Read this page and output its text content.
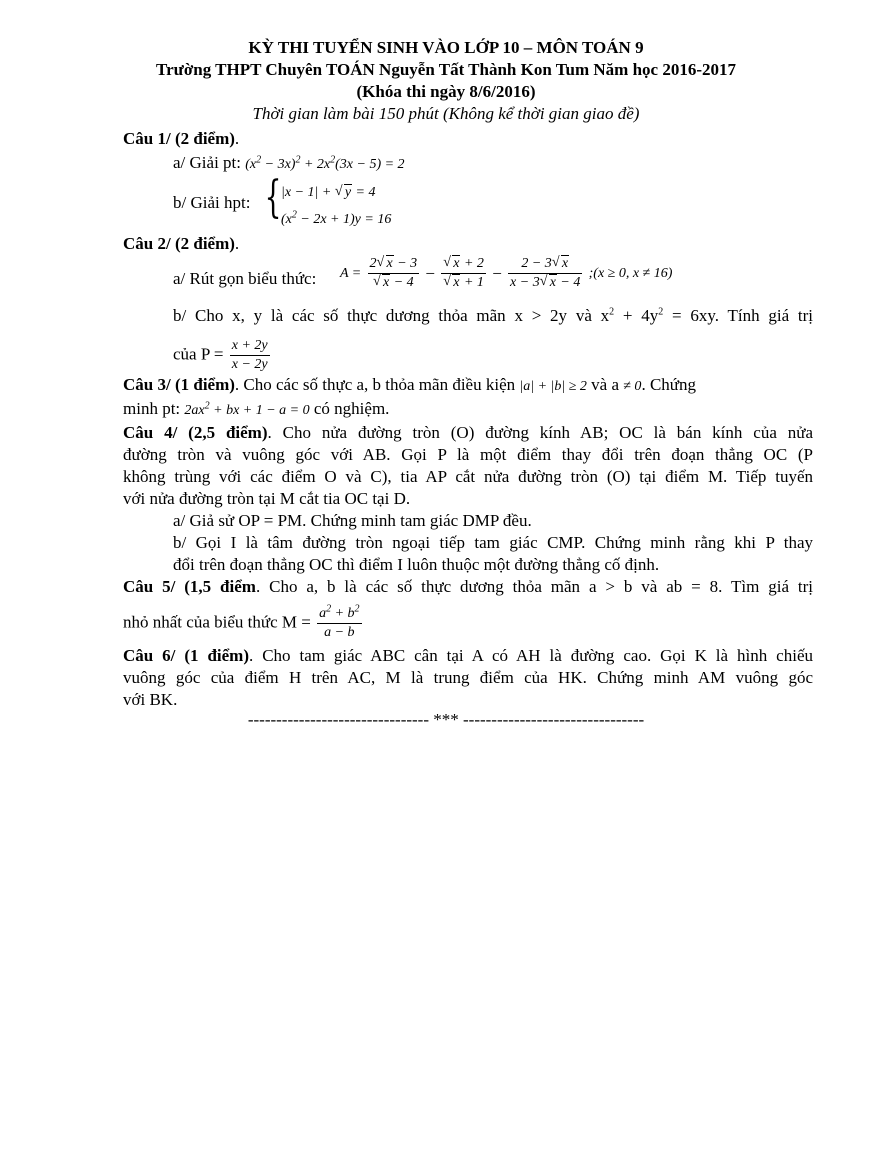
KỲ THI TUYỂN SINH VÀO LỚP 10 – MÔN TOÁN 9
Trường THPT Chuyên TOÁN Nguyễn Tất Thành Kon Tum Năm học 2016-2017
(Khóa thi ngày 8/6/2016)
Thời gian làm bài 150 phút (Không kể thời gian giao đề)
Câu 1/ (2 điểm).
a/ Giải pt: $(x^2 - 3x)^2 + 2x^2(3x - 5) = 2$
b/ Giải hpt: { |x − 1| + √ y = 4
$(x^2 - 2x + 1)y = 16$
Câu 2/ (2 điểm).
a/ Rút gọn biểu thức: A = 2 √ x − 3
√ x − 4 − √ x + 2
√ $x + 1 - \frac{2 - 3 √ x}{x - 3 √ x - 4}$ ;(x ≥ 0, x ≠ 16)
b/ Cho x, y là các số thực dương thỏa mãn x > 2y và $x^2 + 4y^2 = 6xy$. Tính giá trị
của $P = \frac{x + 2y}{x - 2y}$
Câu 3/ (1 điểm). Cho các số thực a, b thỏa mãn điều kiện |a| + |b| ≥ 2 và a ≠ 0. Chứng
minh pt: $2ax^2$ + bx + 1 − a = 0 có nghiệm.
Câu 4/ (2,5 điểm). Cho nửa đường tròn (O) đường kính AB; OC là bán kính của nửa
đường tròn và vuông góc với AB. Gọi P là một điểm thay đổi trên đoạn thẳng OC (P
không trùng với các điểm O và C), tia AP cắt nửa đường tròn (O) tại điểm M. Tiếp tuyến
với nửa đường tròn tại M cắt tia OC tại D.
a/ Giả sử OP = PM. Chứng minh tam giác DMP đều.
b/ Gọi I là tâm đường tròn ngoại tiếp tam giác CMP. Chứng minh rằng khi P thay
đổi trên đoạn thẳng OC thì điểm I luôn thuộc một đường thẳng cố định.
Câu 5/ (1,5 điểm. Cho a, b là các số thực dương thỏa mãn a > b và ab = 8. Tìm giá trị
nhỏ nhất của biểu thức $M = \frac{a^2 + b^2}{a - b}$
Câu 6/ (1 điểm). Cho tam giác ABC cân tại A có AH là đường cao. Gọi K là hình chiếu
vuông góc của điểm H trên AC, M là trung điểm của HK. Chứng minh AM vuông góc
với BK.
-------------------------------- *** --------------------------------
